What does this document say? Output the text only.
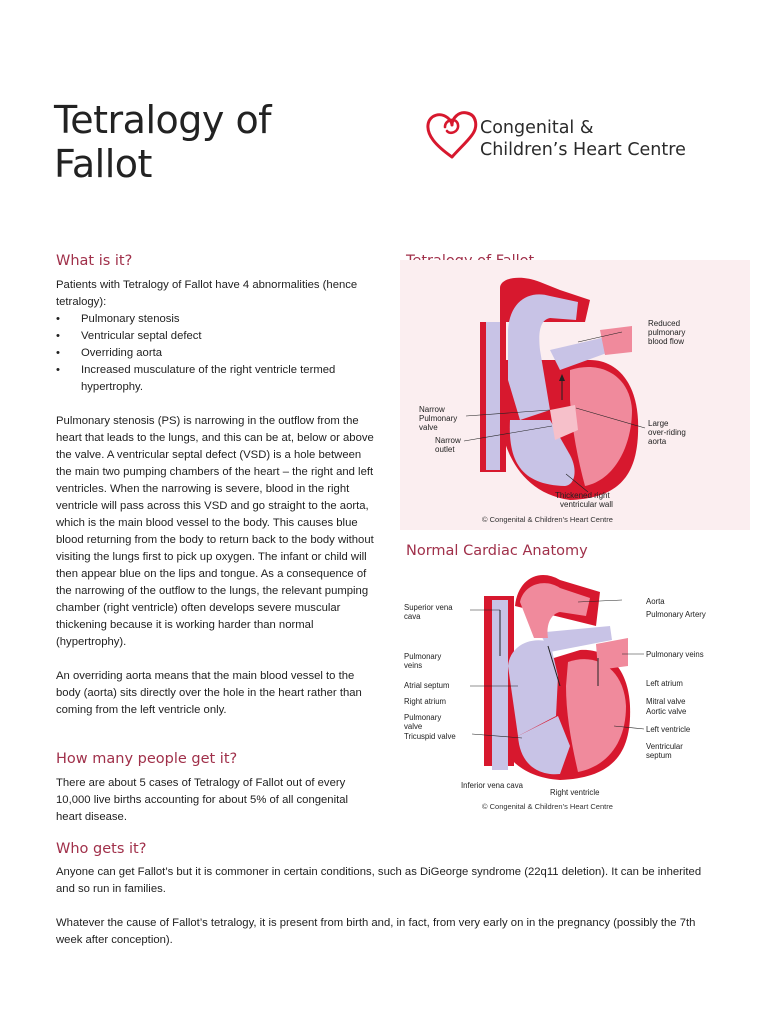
Tetralogy of
Fallot
Congenital &
Children’s Heart Centre
What is it?

Patients with Tetralogy of Fallot have 4 abnormalities (hence tetralogy):

• Pulmonary stenosis
• Ventricular septal defect
• Overriding aorta
• Increased musculature of the right ventricle termed hypertrophy.

Pulmonary stenosis (PS) is narrowing in the outflow from the heart that leads to the lungs, and this can be at, below or above the valve. A ventricular septal defect (VSD) is a hole between the main two pumping chambers of the heart – the right and left ventricles. When the narrowing is severe, blood in the right ventricle will pass across this VSD and go straight to the aorta, which is the main blood vessel to the body. This causes blue blood returning from the body to return back to the body without visiting the lungs first to pick up oxygen. The infant or child will then appear blue on the lips and tongue. As a consequence of the narrowing of the outflow to the lungs, the relevant pumping chamber (right ventricle) often develops severe muscular thickening because it is working harder than normal (hypertrophy).

An overriding aorta means that the main blood vessel to the body (aorta) sits directly over the hole in the heart rather than coming from the left ventricle only.

How many people get it?

There are about 5 cases of Tetralogy of Fallot out of every 10,000 live births accounting for about 5% of all congenital heart disease.

Who gets it?

Anyone can get Fallot’s but it is commoner in certain conditions, such as DiGeorge syndrome (22q11 deletion). It can be inherited and so run in families.

Whatever the cause of Fallot’s tetralogy, it is present from birth and, in fact, from very early on in the pregnancy (possibly the 7th week after conception).

Reduced
pulmonary
blood flow
Narrow
Pulmonary
valve
Narrow
outlet
Large
over-riding
aorta
Thickened right
ventricular wall
© Congenital & Children’s Heart Centre
Normal Cardiac Anatomy
Superior vena
cava
Pulmonary
veins
Atrial septum
Right atrium
Pulmonary
valve
Tricuspid valve
Inferior vena cava
Right ventricle
Aorta
Pulmonary Artery
Pulmonary veins
Left atrium
Mitral valve
Aortic valve
Left ventricle
Ventricular
septum
© Congenital & Children’s Heart Centre
